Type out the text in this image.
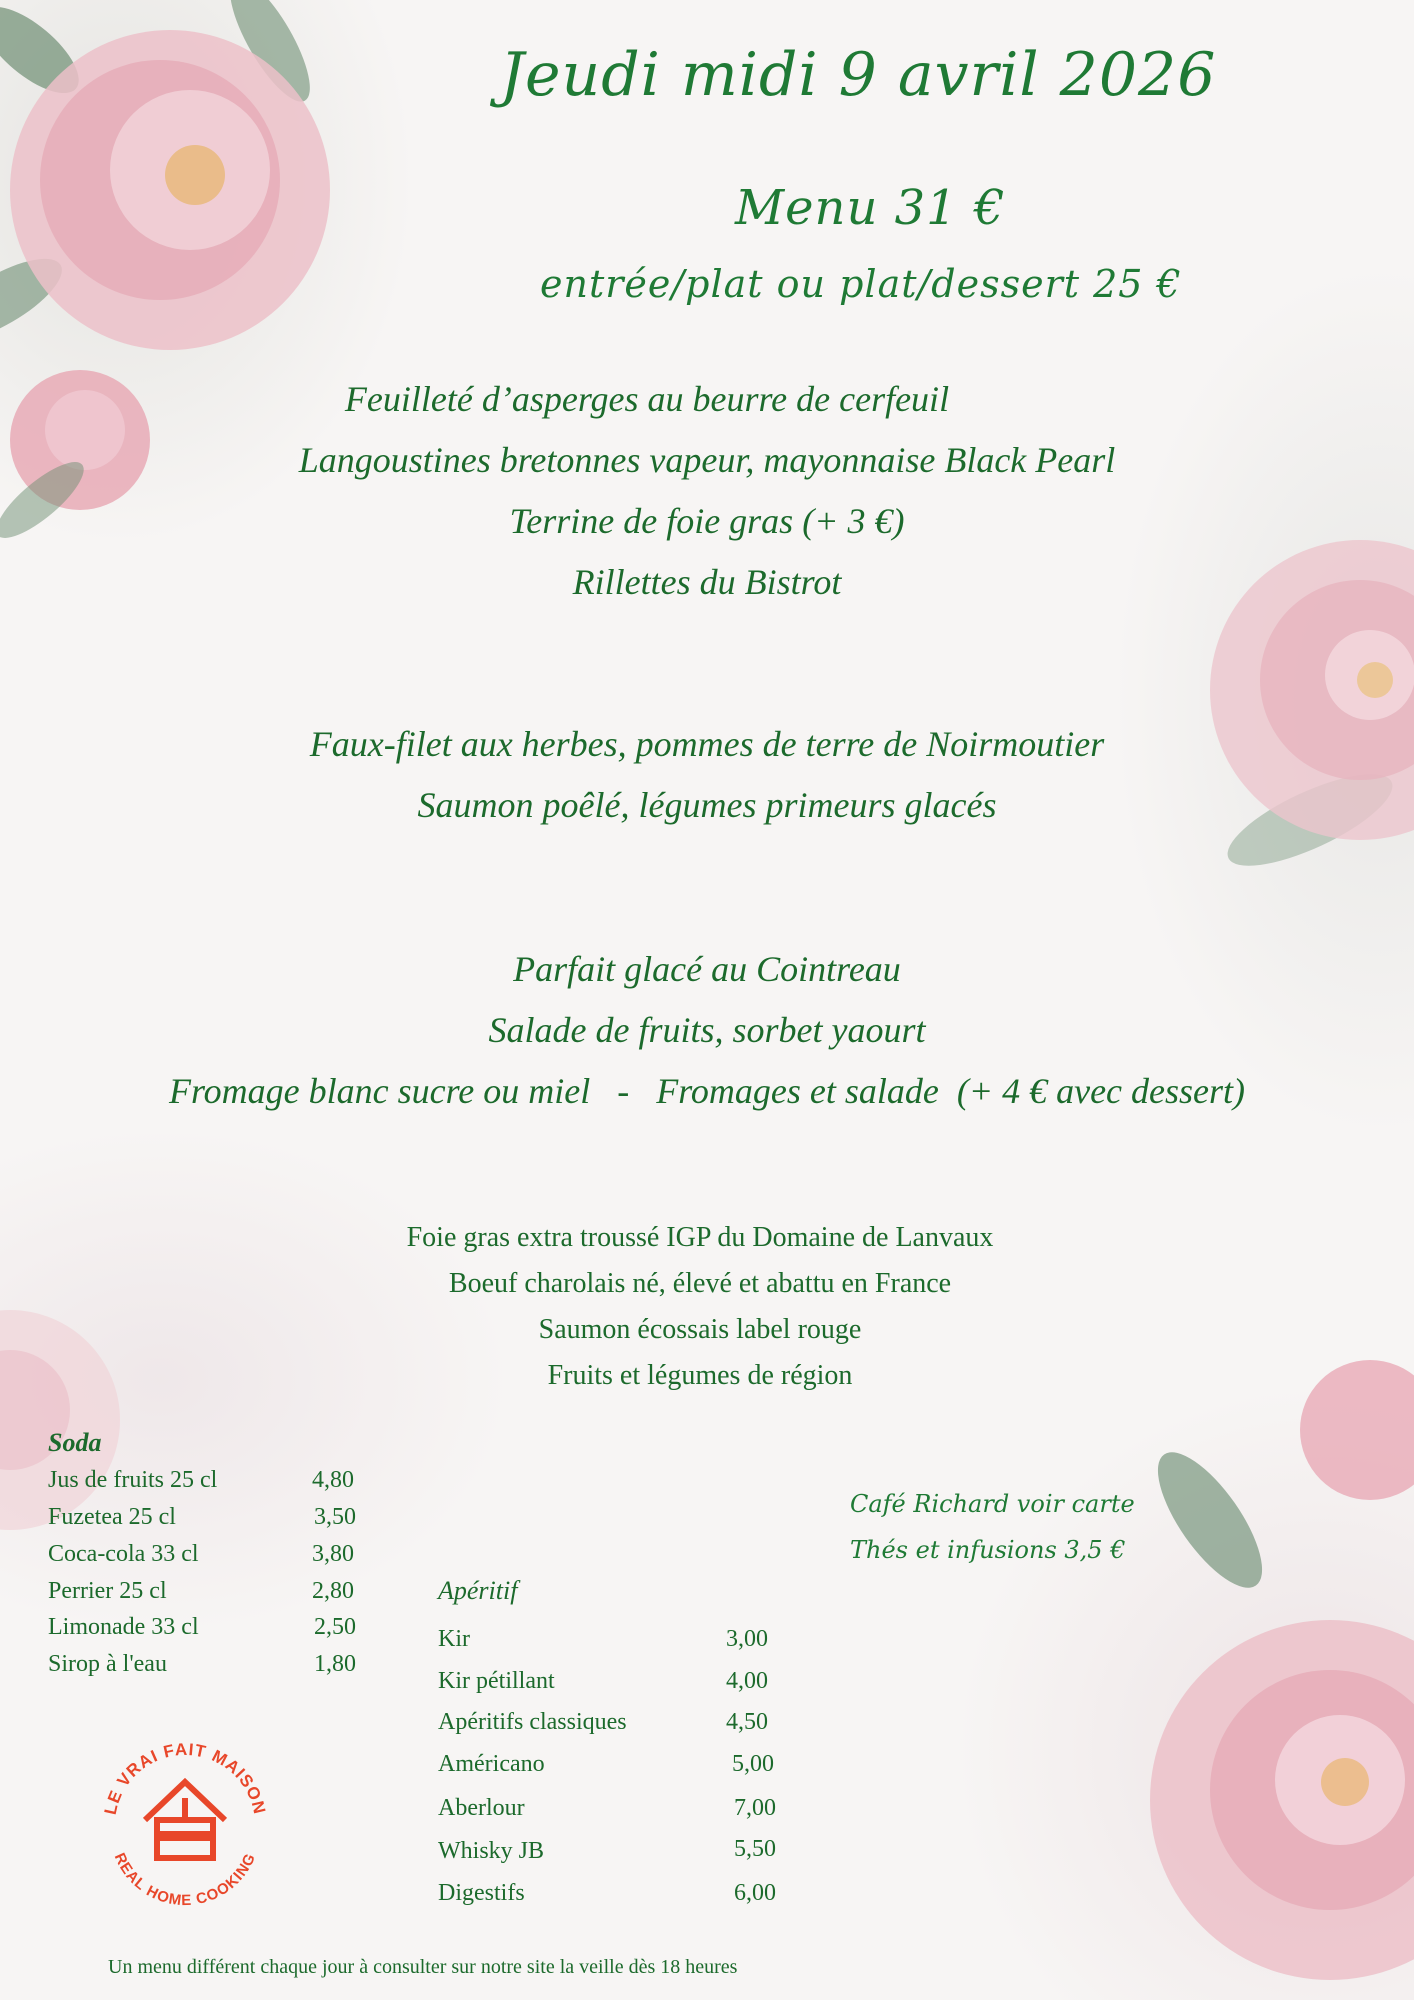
Jeudi midi 9 avril 2026
Menu 31 €
entrée/plat ou plat/dessert 25 €
Feuilleté d’asperges au beurre de cerfeuil
Langoustines bretonnes vapeur, mayonnaise Black Pearl
Terrine de foie gras (+ 3 €)
Rillettes du Bistrot
Faux-filet aux herbes, pommes de terre de Noirmoutier
Saumon poêlé, légumes primeurs glacés
Parfait glacé au Cointreau
Salade de fruits, sorbet yaourt
Fromage blanc sucre ou miel   -   Fromages et salade  (+ 4 € avec dessert)
Foie gras extra troussé IGP du Domaine de Lanvaux
Boeuf charolais né, élevé et abattu en France
Saumon écossais label rouge
Fruits et légumes de région
Soda
Jus de fruits 25 cl	4,80
Fuzetea 25 cl	3,50
Coca-cola 33 cl	3,80
Perrier 25 cl	2,80
Limonade 33 cl	2,50
Sirop à l'eau	1,80
Apéritif
Kir	3,00
Kir pétillant	4,00
Apéritifs classiques	4,50
Américano	5,00
Aberlour	7,00
Whisky JB	5,50
Digestifs	6,00
Café Richard voir carte
Thés et infusions 3,5 €
LE VRAI FAIT MAISON
REAL HOME COOKING
Un menu différent chaque jour à consulter sur notre site la veille dès 18 heures
